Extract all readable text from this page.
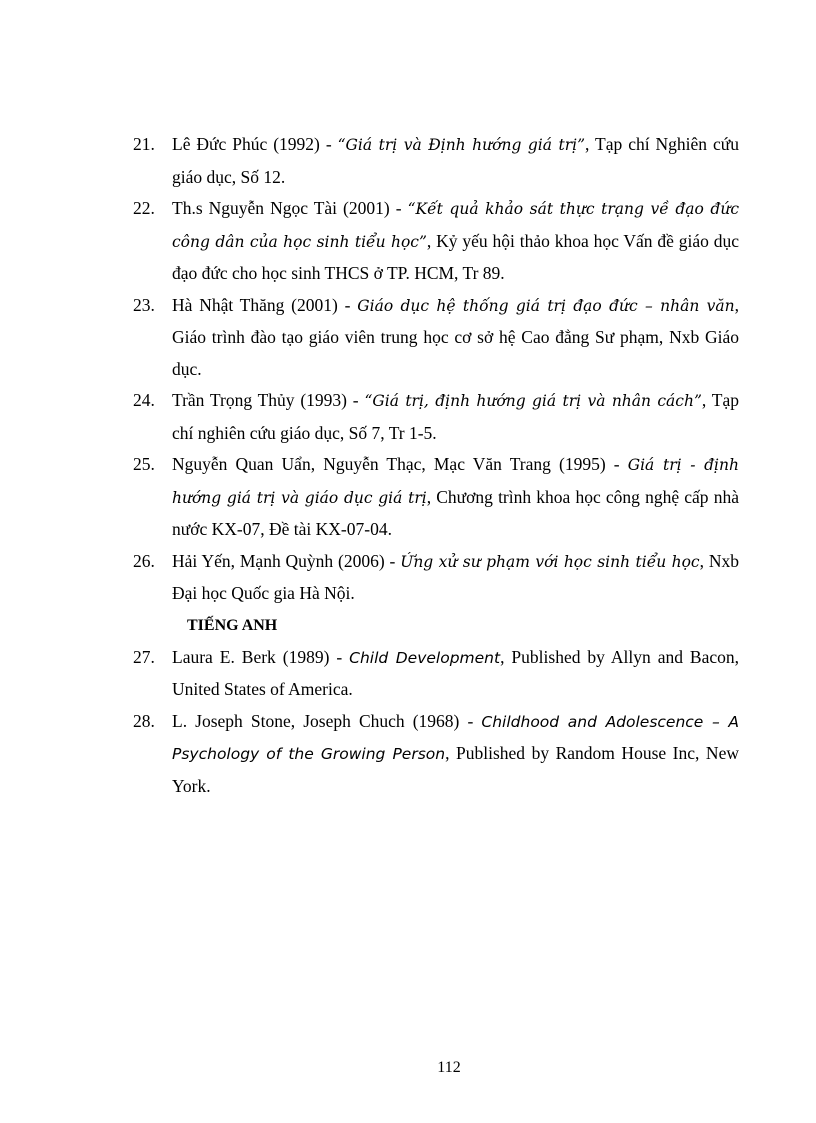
21. Lê Đức Phúc (1992) - “Giá trị và Định hướng giá trị”, Tạp chí Nghiên cứu giáo dục, Số 12.

22. Th.s Nguyễn Ngọc Tài (2001) - “Kết quả khảo sát thực trạng về đạo đức công dân của học sinh tiểu học”, Kỷ yếu hội thảo khoa học Vấn đề giáo dục đạo đức cho học sinh THCS ở TP. HCM, Tr 89.

23. Hà Nhật Thăng (2001) - Giáo dục hệ thống giá trị đạo đức – nhân văn, Giáo trình đào tạo giáo viên trung học cơ sở hệ Cao đẳng Sư phạm, Nxb Giáo dục.

24. Trần Trọng Thủy (1993) - “Giá trị, định hướng giá trị và nhân cách”, Tạp chí nghiên cứu giáo dục, Số 7, Tr 1-5.

25. Nguyễn Quan Uẩn, Nguyễn Thạc, Mạc Văn Trang (1995) - Giá trị - định hướng giá trị và giáo dục giá trị, Chương trình khoa học công nghệ cấp nhà nước KX-07, Đề tài KX-07-04.

26. Hải Yến, Mạnh Quỳnh (2006) - Ứng xử sư phạm với học sinh tiểu học, Nxb Đại học Quốc gia Hà Nội.

TIẾNG ANH

27. Laura E. Berk (1989) - Child Development, Published by Allyn and Bacon, United States of America.

28. L. Joseph Stone, Joseph Chuch (1968) - Childhood and Adolescence – A Psychology of the Growing Person, Published by Random House Inc, New York.

112
